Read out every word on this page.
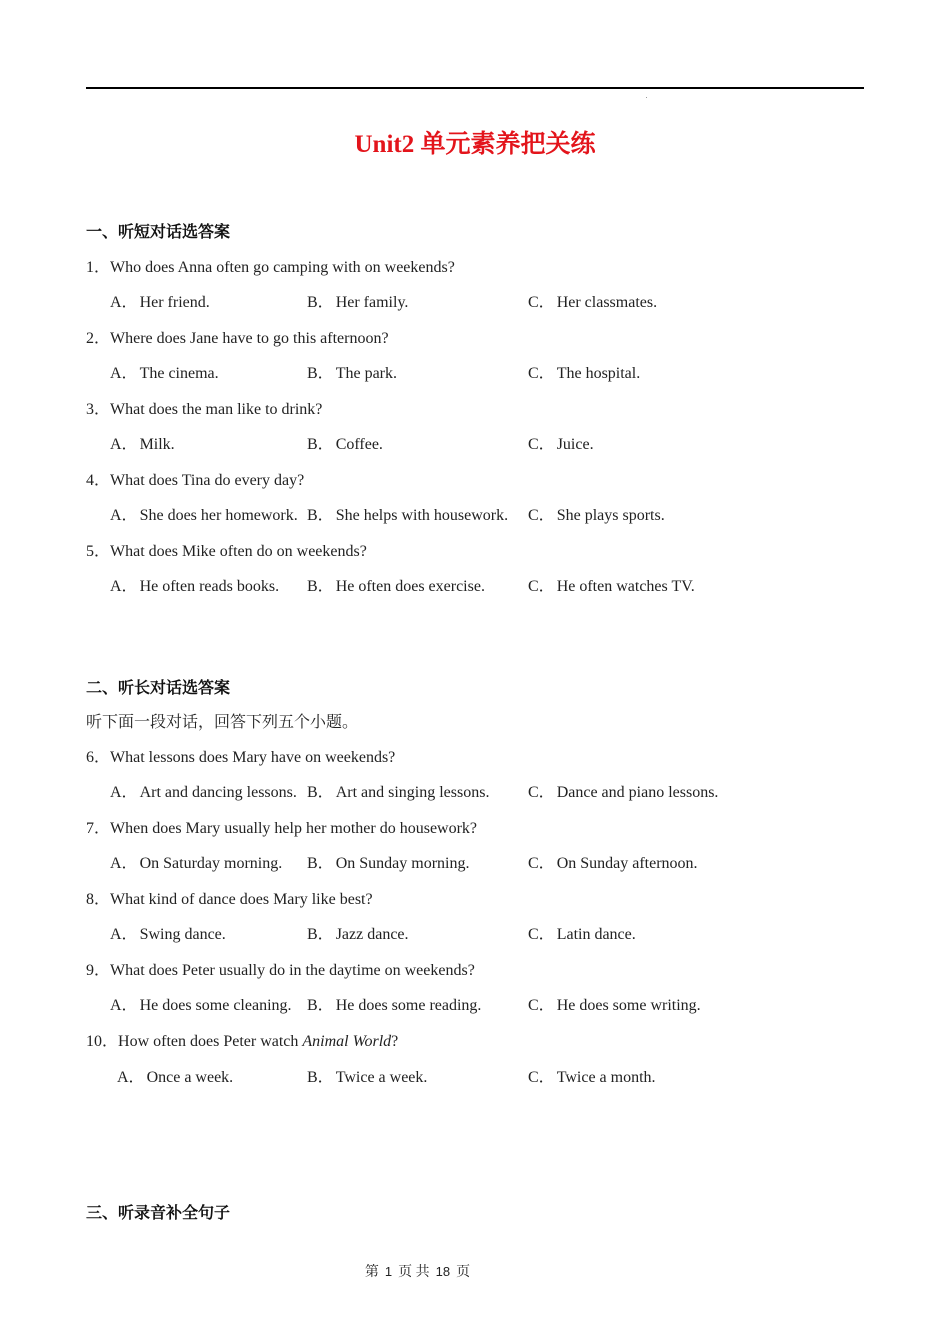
Unit2 单元素养把关练
一、听短对话选答案
1．Who does Anna often go camping with on weekends?
A． Her friend.	B． Her family.	C． Her classmates.
2．Where does Jane have to go this afternoon?
A． The cinema.	B． The park.	C． The hospital.
3．What does the man like to drink?
A． Milk.	B． Coffee.	C． Juice.
4．What does Tina do every day?
A． She does her homework. B． She helps with housework. C． She plays sports.
5．What does Mike often do on weekends?
A． He often reads books. B． He often does exercise.	C． He often watches TV.
二、听长对话选答案
听下面一段对话，回答下列五个小题。
6．What lessons does Mary have on weekends?
A． Art and dancing lessons. B． Art and singing lessons. C． Dance and piano lessons.
7．When does Mary usually help her mother do housework?
A． On Saturday morning. B． On Sunday morning.	C． On Sunday afternoon.
8．What kind of dance does Mary like best?
A． Swing dance.	B． Jazz dance.	C． Latin dance.
9．What does Peter usually do in the daytime on weekends?
A． He does some cleaning. B． He does some reading.	C． He does some writing.
10．How often does Peter watch Animal World?
A． Once a week.	B． Twice a week.	C． Twice a month.
三、听录音补全句子
第 1 页 共 18 页
